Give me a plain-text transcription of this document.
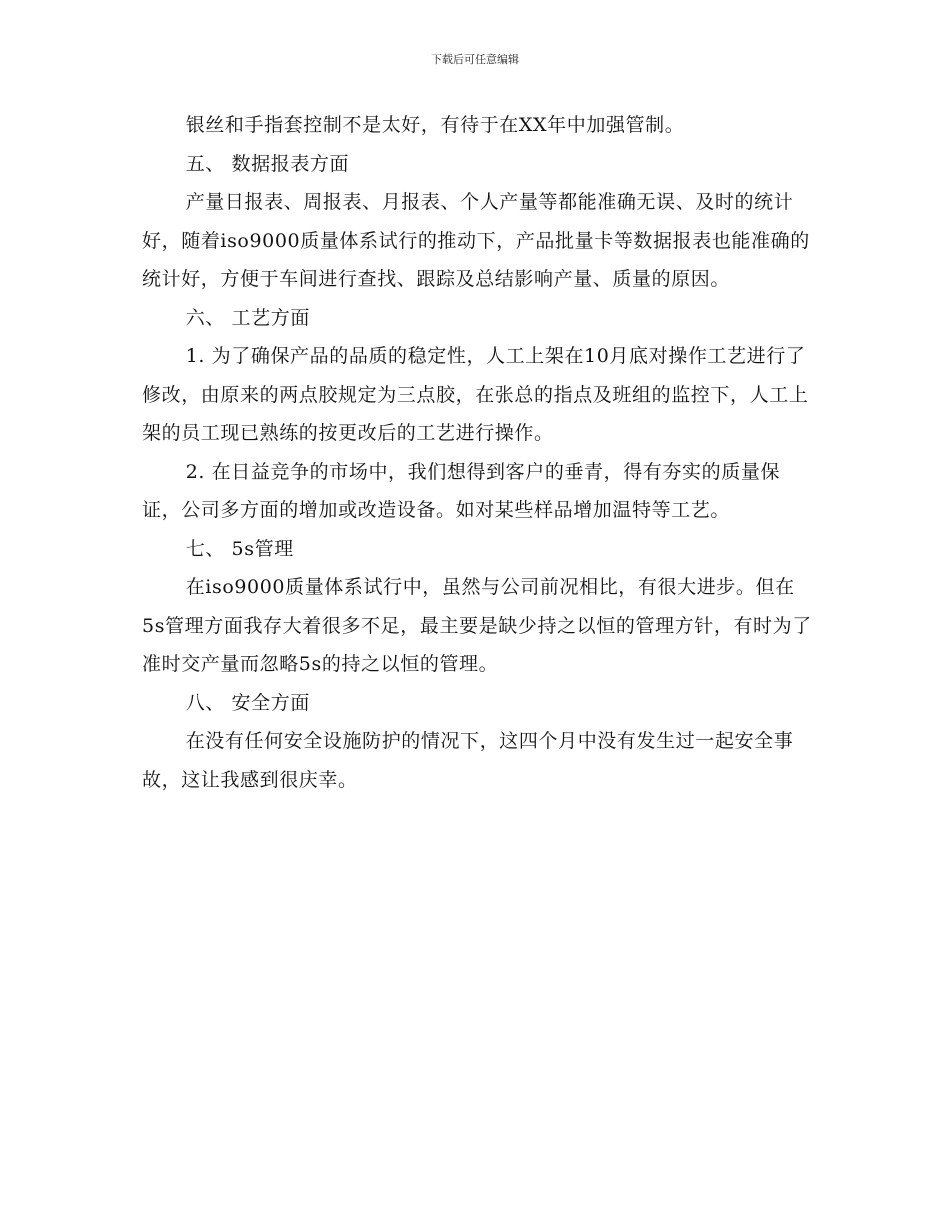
下载后可任意编辑

银丝和手指套控制不是太好，有待于在XX年中加强管制。

五、 数据报表方面

产量日报表、周报表、月报表、个人产量等都能准确无误、及时的统计好，随着iso9000质量体系试行的推动下，产品批量卡等数据报表也能准确的统计好，方便于车间进行查找、跟踪及总结影响产量、质量的原因。

六、 工艺方面

1. 为了确保产品的品质的稳定性，人工上架在10月底对操作工艺进行了修改，由原来的两点胶规定为三点胶，在张总的指点及班组的监控下，人工上架的员工现已熟练的按更改后的工艺进行操作。

2. 在日益竞争的市场中，我们想得到客户的垂青，得有夯实的质量保证，公司多方面的增加或改造设备。如对某些样品增加温特等工艺。

七、 5s管理

在iso9000质量体系试行中，虽然与公司前况相比，有很大进步。但在5s管理方面我存大着很多不足，最主要是缺少持之以恒的管理方针，有时为了准时交产量而忽略5s的持之以恒的管理。

八、 安全方面

在没有任何安全设施防护的情况下，这四个月中没有发生过一起安全事故，这让我感到很庆幸。
